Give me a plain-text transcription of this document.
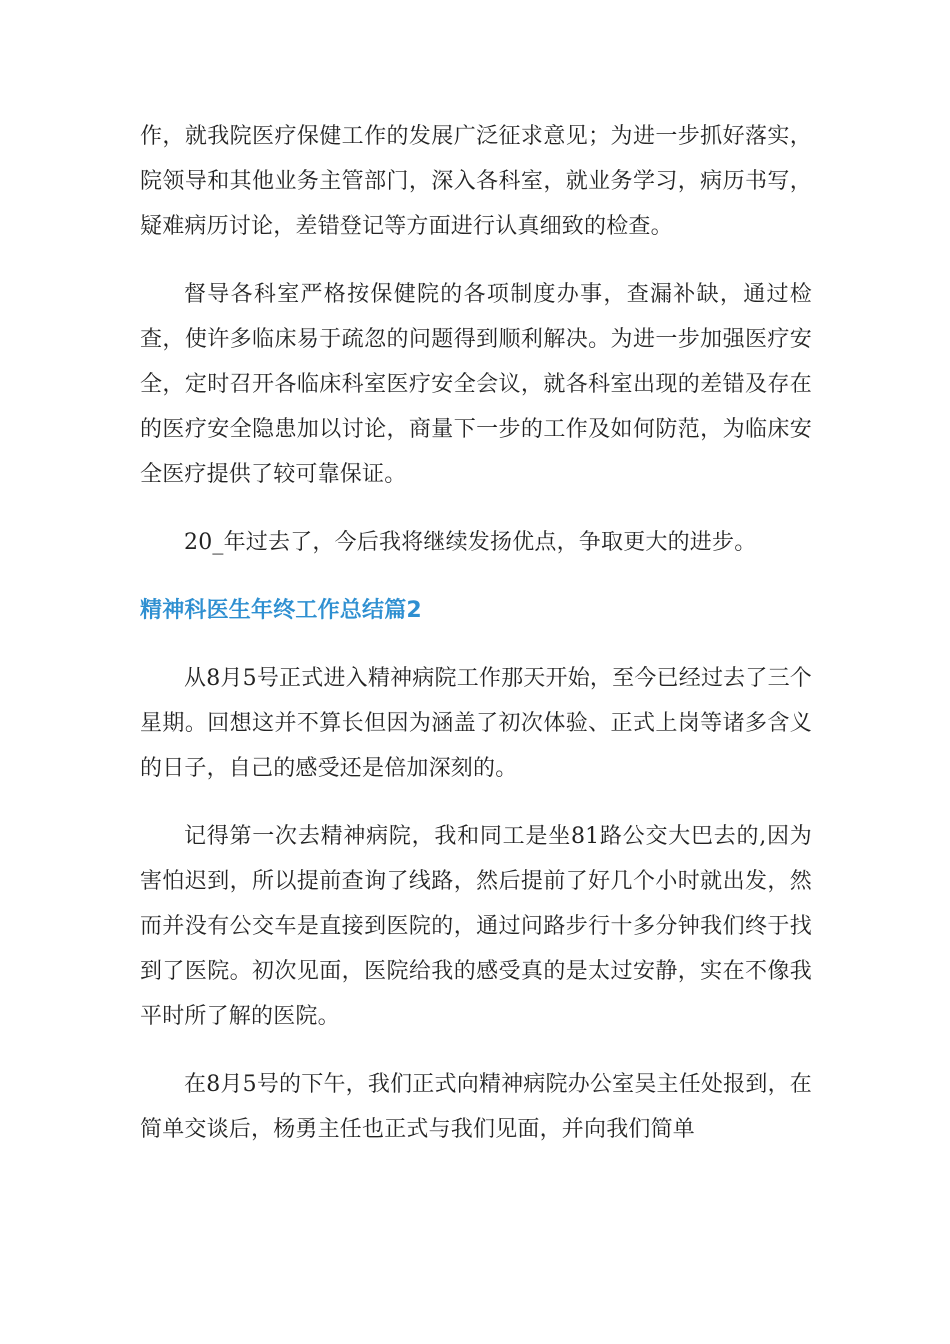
作，就我院医疗保健工作的发展广泛征求意见；为进一步抓好落实，院领导和其他业务主管部门，深入各科室，就业务学习，病历书写，疑难病历讨论，差错登记等方面进行认真细致的检查。

督导各科室严格按保健院的各项制度办事，查漏补缺，通过检查，使许多临床易于疏忽的问题得到顺利解决。为进一步加强医疗安全，定时召开各临床科室医疗安全会议，就各科室出现的差错及存在的医疗安全隐患加以讨论，商量下一步的工作及如何防范，为临床安全医疗提供了较可靠保证。

20_年过去了，今后我将继续发扬优点，争取更大的进步。

精神科医生年终工作总结篇2

从8月5号正式进入精神病院工作那天开始，至今已经过去了三个星期。回想这并不算长但因为涵盖了初次体验、正式上岗等诸多含义的日子，自己的感受还是倍加深刻的。

记得第一次去精神病院，我和同工是坐81路公交大巴去的,因为害怕迟到，所以提前查询了线路，然后提前了好几个小时就出发，然而并没有公交车是直接到医院的，通过问路步行十多分钟我们终于找到了医院。初次见面，医院给我的感受真的是太过安静，实在不像我平时所了解的医院。

在8月5号的下午，我们正式向精神病院办公室吴主任处报到，在简单交谈后，杨勇主任也正式与我们见面，并向我们简单
